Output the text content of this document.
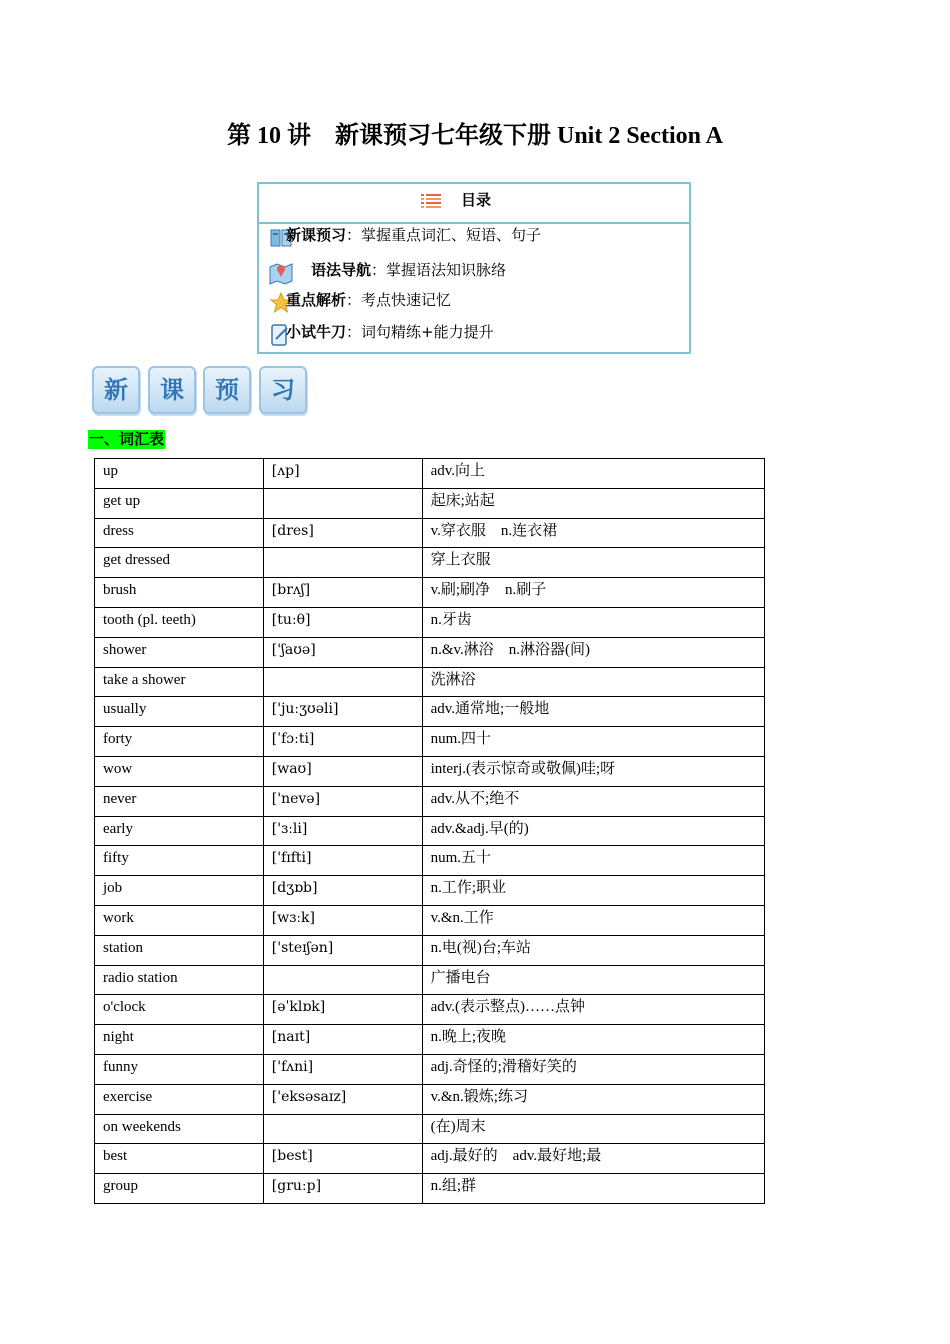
第 10 讲　新课预习七年级下册 Unit 2 Section A
目录
新课预习：掌握重点词汇、短语、句子
语法导航：掌握语法知识脉络
重点解析：考点快速记忆
小试牛刀：词句精练+能力提升
新	课	预	习
一、词汇表
up	[ʌp]	adv.向上
get up		起床;站起
dress	[dres]	v.穿衣服　n.连衣裙
get dressed		穿上衣服
brush	[brʌʃ]	v.刷;刷净　n.刷子
tooth (pl. teeth)	[tuːθ]	n.牙齿
shower	['ʃaʊə]	n.&v.淋浴　n.淋浴器(间)
take a shower		洗淋浴
usually	['juːʒʊəli]	adv.通常地;一般地
forty	[ˈfɔːti]	num.四十
wow	[waʊ]	interj.(表示惊奇或敬佩)哇;呀
never	['nevə]	adv.从不;绝不
early	['ɜːli]	adv.&adj.早(的)
fifty	['fɪfti]	num.五十
job	[dʒɒb]	n.工作;职业
work	[wɜːk]	v.&n.工作
station	['steɪʃən]	n.电(视)台;车站
radio station		广播电台
o'clock	[əˈklɒk]	adv.(表示整点)……点钟
night	[naɪt]	n.晚上;夜晚
funny	['fʌni]	adj.奇怪的;滑稽好笑的
exercise	['eksəsaɪz]	v.&n.锻炼;练习
on weekends		(在)周末
best	[best]	adj.最好的　adv.最好地;最
group	[gruːp]	n.组;群
